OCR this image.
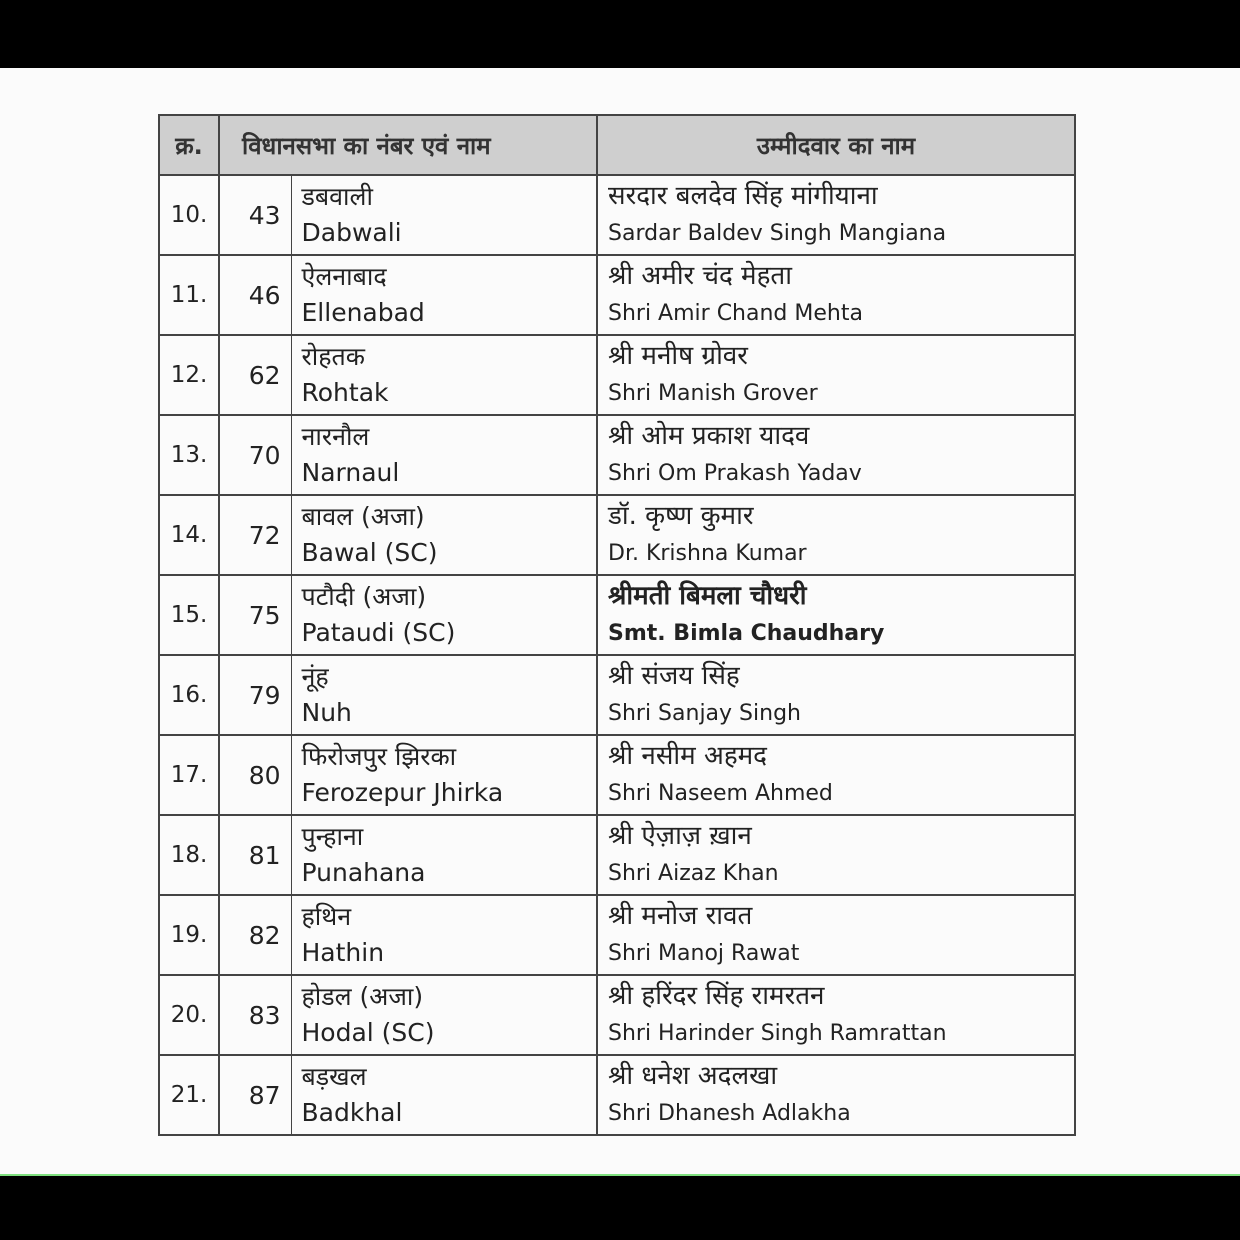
क्र.	विधानसभा का नंबर एवं नाम		उम्मीदवार का नाम
10.	43	डबवाली
Dabwali	सरदार बलदेव सिंह मांगीयाना
Sardar Baldev Singh Mangiana

11.	46	ऐलनाबाद
Ellenabad	श्री अमीर चंद मेहता
Shri Amir Chand Mehta

12.	62	रोहतक
Rohtak	श्री मनीष ग्रोवर
Shri Manish Grover

13.	70	नारनौल
Narnaul	श्री ओम प्रकाश यादव
Shri Om Prakash Yadav

14.	72	बावल (अजा)
Bawal (SC)	डॉ. कृष्ण कुमार
Dr. Krishna Kumar

15.	75	पटौदी (अजा)
Pataudi (SC)	श्रीमती बिमला चौधरी
Smt. Bimla Chaudhary

16.	79	नूंह
Nuh	श्री संजय सिंह
Shri Sanjay Singh

17.	80	फिरोजपुर झिरका
Ferozepur Jhirka	श्री नसीम अहमद
Shri Naseem Ahmed

18.	81	पुन्हाना
Punahana	श्री ऐज़ाज़ ख़ान
Shri Aizaz Khan

19.	82	हथिन
Hathin	श्री मनोज रावत
Shri Manoj Rawat

20.	83	होडल (अजा)
Hodal (SC)	श्री हरिंदर सिंह रामरतन
Shri Harinder Singh Ramrattan

21.	87	बड़खल
Badkhal	श्री धनेश अदलखा
Shri Dhanesh Adlakha
